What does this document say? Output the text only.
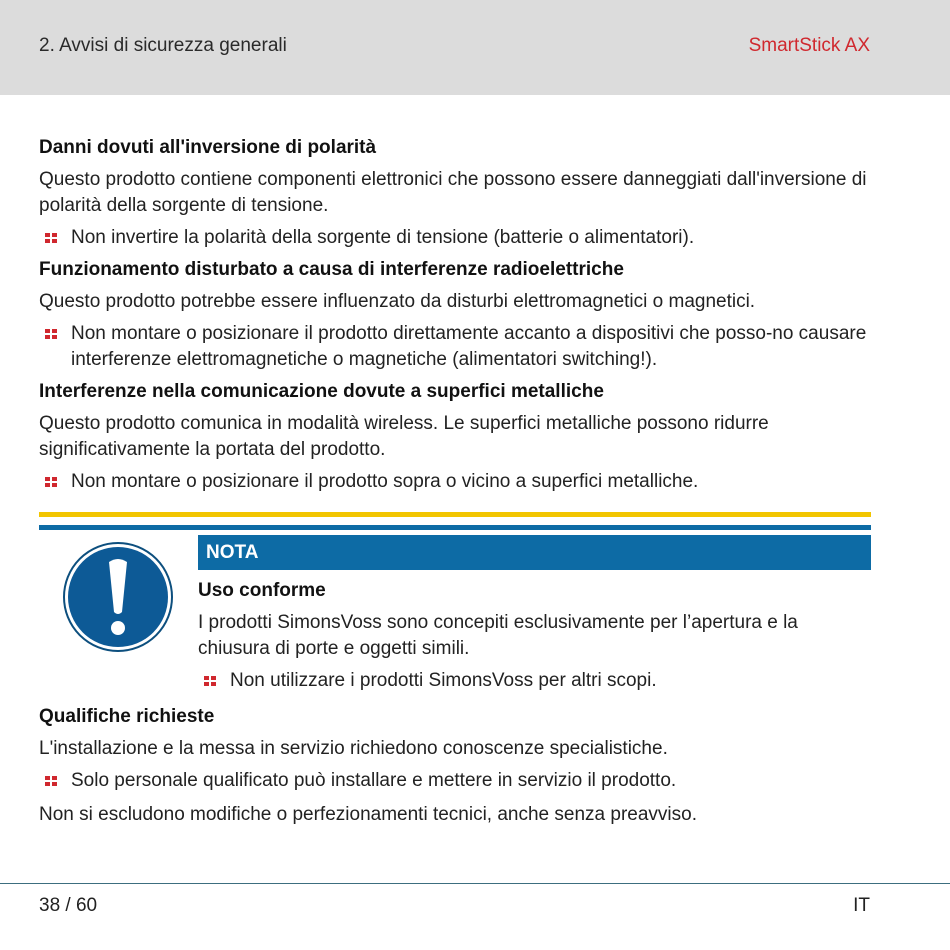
2. Avvisi di sicurezza generali	SmartStick AX
Danni dovuti all'inversione di polarità

Questo prodotto contiene componenti elettronici che possono essere danneggiati dall'inversione di polarità della sorgente di tensione.

Non invertire la polarità della sorgente di tensione (batterie o alimentatori).
Funzionamento disturbato a causa di interferenze radioelettriche

Questo prodotto potrebbe essere influenzato da disturbi elettromagnetici o magnetici.

Non montare o posizionare il prodotto direttamente accanto a dispositivi che posso-no causare interferenze elettromagnetiche o magnetiche (alimentatori switching!).
Interferenze nella comunicazione dovute a superfici metalliche

Questo prodotto comunica in modalità wireless. Le superfici metalliche possono ridurre significativamente la portata del prodotto.

Non montare o posizionare il prodotto sopra o vicino a superfici metalliche.
NOTA
Uso conforme

I prodotti SimonsVoss sono concepiti esclusivamente per l’apertura e la chiusura di porte e oggetti simili.

Non utilizzare i prodotti SimonsVoss per altri scopi.
Qualifiche richieste

L'installazione e la messa in servizio richiedono conoscenze specialistiche.

Solo personale qualificato può installare e mettere in servizio il prodotto.

Non si escludono modifiche o perfezionamenti tecnici, anche senza preavviso.

38 / 60	IT
